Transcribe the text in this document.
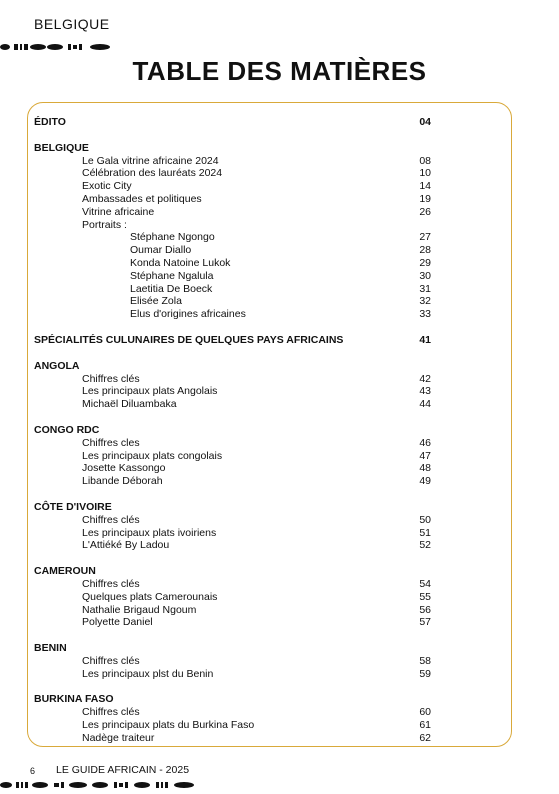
BELGIQUE
TABLE DES MATIÈRES
ÉDITO	04
BELGIQUE
Le Gala vitrine africaine 2024	08
Célébration des lauréats 2024	10
Exotic City	14
Ambassades et politiques	19
Vitrine africaine	26
Portraits :
Stéphane Ngongo	27
Oumar Diallo	28
Konda Natoine Lukok	29
Stéphane Ngalula	30
Laetitia De Boeck	31
Elisée Zola	32
Elus d'origines africaines	33
SPÉCIALITÉS CULUNAIRES DE QUELQUES PAYS AFRICAINS	41
ANGOLA
Chiffres clés	42
Les principaux plats Angolais	43
Michaël Diluambaka	44
CONGO RDC
Chiffres cles	46
Les principaux plats congolais	47
Josette Kassongo	48
Libande Déborah	49
CÔTE D'IVOIRE
Chiffres clés	50
Les principaux plats ivoiriens	51
L'Attiéké By Ladou	52
CAMEROUN
Chiffres clés	54
Quelques plats Camerounais	55
Nathalie Brigaud Ngoum	56
Polyette Daniel	57
BENIN
Chiffres clés	58
Les principaux plst du Benin	59
BURKINA FASO
Chiffres clés	60
Les principaux plats du Burkina Faso	61
Nadège traiteur	62
6 LE GUIDE AFRICAIN - 2025
